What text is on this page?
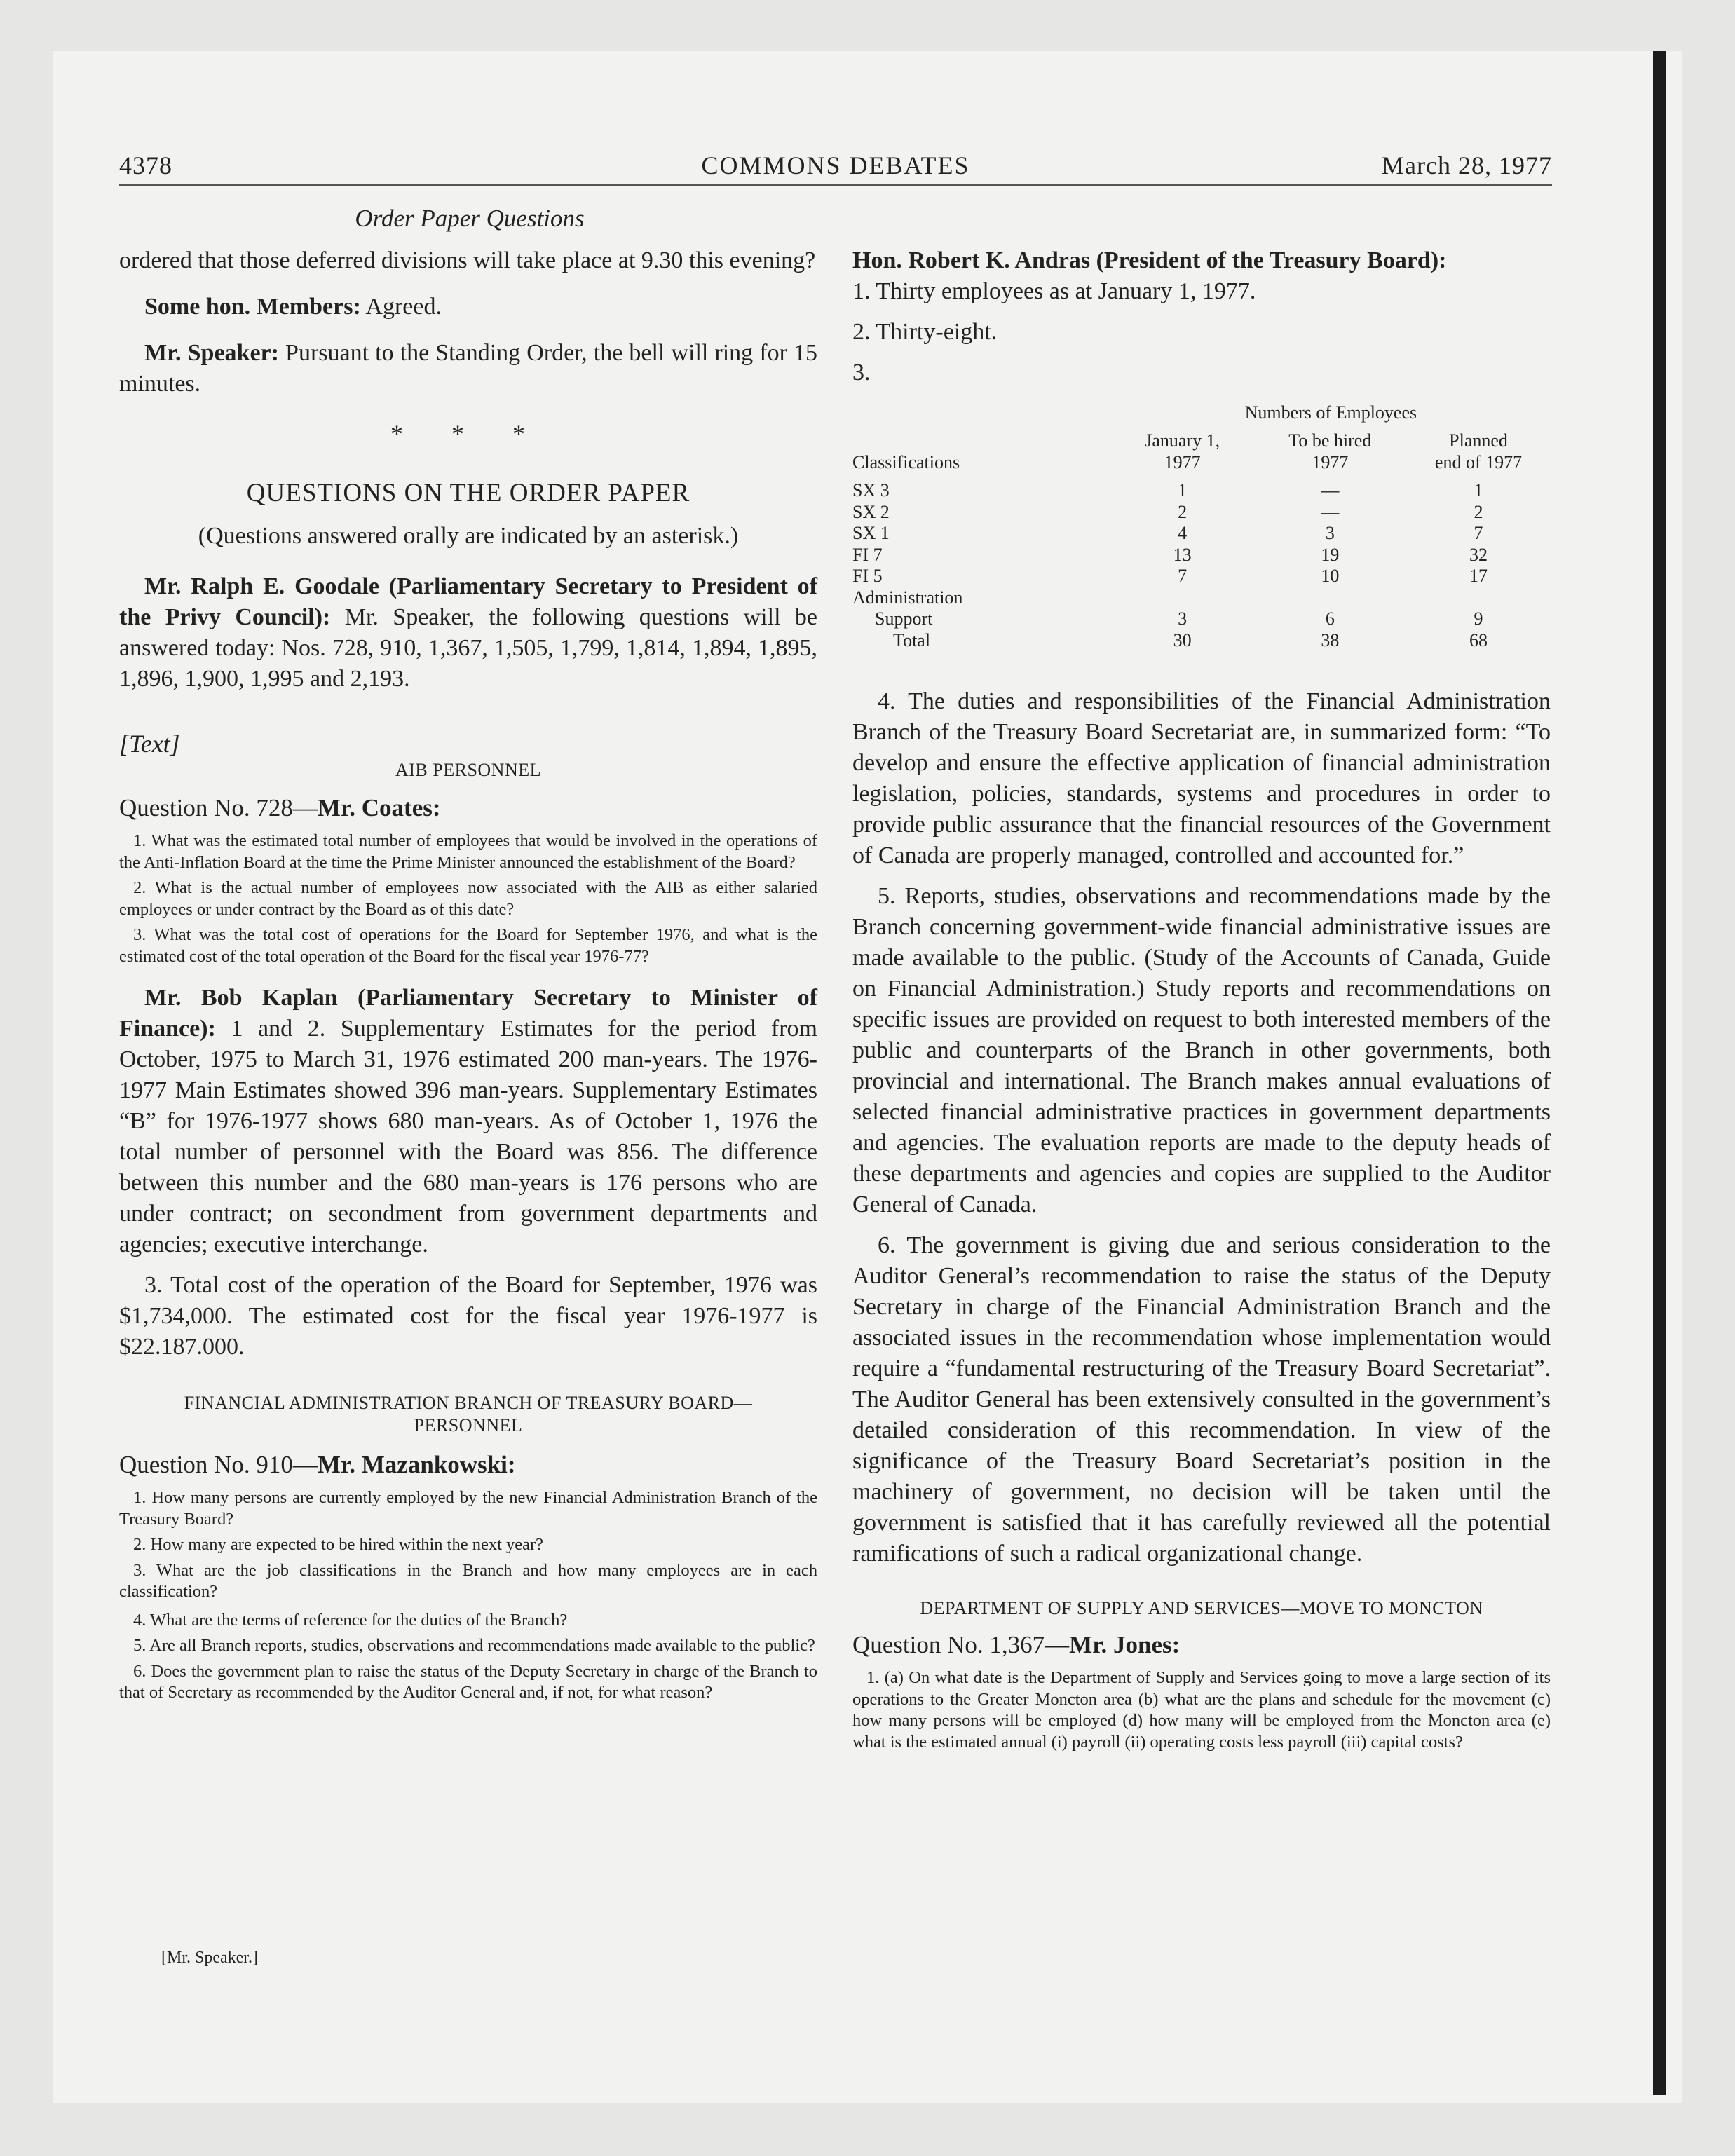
4378	COMMONS DEBATES	March 28, 1977
Order Paper Questions

ordered that those deferred divisions will take place at 9.30 this evening?

Some hon. Members: Agreed.

Mr. Speaker: Pursuant to the Standing Order, the bell will ring for 15 minutes.

* * *

QUESTIONS ON THE ORDER PAPER

(Questions answered orally are indicated by an asterisk.)

Mr. Ralph E. Goodale (Parliamentary Secretary to President of the Privy Council): Mr. Speaker, the following questions will be answered today: Nos. 728, 910, 1,367, 1,505, 1,799, 1,814, 1,894, 1,895, 1,896, 1,900, 1,995 and 2,193.

[Text]

AIB PERSONNEL

Question No. 728—Mr. Coates:

1. What was the estimated total number of employees that would be involved in the operations of the Anti-Inflation Board at the time the Prime Minister announced the establishment of the Board?

2. What is the actual number of employees now associated with the AIB as either salaried employees or under contract by the Board as of this date?

3. What was the total cost of operations for the Board for September 1976, and what is the estimated cost of the total operation of the Board for the fiscal year 1976-77?

Mr. Bob Kaplan (Parliamentary Secretary to Minister of Finance): 1 and 2. Supplementary Estimates for the period from October, 1975 to March 31, 1976 estimated 200 man-years. The 1976-1977 Main Estimates showed 396 man-years. Supplementary Estimates “B” for 1976-1977 shows 680 man-years. As of October 1, 1976 the total number of personnel with the Board was 856. The difference between this number and the 680 man-years is 176 persons who are under contract; on secondment from government departments and agencies; executive interchange.

3. Total cost of the operation of the Board for September, 1976 was $1,734,000. The estimated cost for the fiscal year 1976-1977 is $22.187.000.

FINANCIAL ADMINISTRATION BRANCH OF TREASURY BOARD—

PERSONNEL

Question No. 910—Mr. Mazankowski:

1. How many persons are currently employed by the new Financial Administration Branch of the Treasury Board?

2. How many are expected to be hired within the next year?

3. What are the job classifications in the Branch and how many employees are in each classification?

4. What are the terms of reference for the duties of the Branch?

5. Are all Branch reports, studies, observations and recommendations made available to the public?

6. Does the government plan to raise the status of the Deputy Secretary in charge of the Branch to that of Secretary as recommended by the Auditor General and, if not, for what reason?

Hon. Robert K. Andras (President of the Treasury Board):

1. Thirty employees as at January 1, 1977.

2. Thirty-eight.

3.

	Numbers of Employees		
	January 1,	To be hired	Planned
Classifications	1977	1977	end of 1977

SX 3	1	—	1
SX 2	2	—	2
SX 1	4	3	7
FI 7	13	19	32
FI 5	7	10	17
Administration			
Support	3	6	9
Total	30	38	68

4. The duties and responsibilities of the Financial Administration Branch of the Treasury Board Secretariat are, in summarized form: “To develop and ensure the effective application of financial administration legislation, policies, standards, systems and procedures in order to provide public assurance that the financial resources of the Government of Canada are properly managed, controlled and accounted for.”

5. Reports, studies, observations and recommendations made by the Branch concerning government-wide financial administrative issues are made available to the public. (Study of the Accounts of Canada, Guide on Financial Administration.) Study reports and recommendations on specific issues are provided on request to both interested members of the public and counterparts of the Branch in other governments, both provincial and international. The Branch makes annual evaluations of selected financial administrative practices in government departments and agencies. The evaluation reports are made to the deputy heads of these departments and agencies and copies are supplied to the Auditor General of Canada.

6. The government is giving due and serious consideration to the Auditor General’s recommendation to raise the status of the Deputy Secretary in charge of the Financial Administration Branch and the associated issues in the recommendation whose implementation would require a “fundamental restructuring of the Treasury Board Secretariat”. The Auditor General has been extensively consulted in the government’s detailed consideration of this recommendation. In view of the significance of the Treasury Board Secretariat’s position in the machinery of government, no decision will be taken until the government is satisfied that it has carefully reviewed all the potential ramifications of such a radical organizational change.

DEPARTMENT OF SUPPLY AND SERVICES—MOVE TO MONCTON

Question No. 1,367—Mr. Jones:

1. (a) On what date is the Department of Supply and Services going to move a large section of its operations to the Greater Moncton area (b) what are the plans and schedule for the movement (c) how many persons will be employed (d) how many will be employed from the Moncton area (e) what is the estimated annual (i) payroll (ii) operating costs less payroll (iii) capital costs?

[Mr. Speaker.]
